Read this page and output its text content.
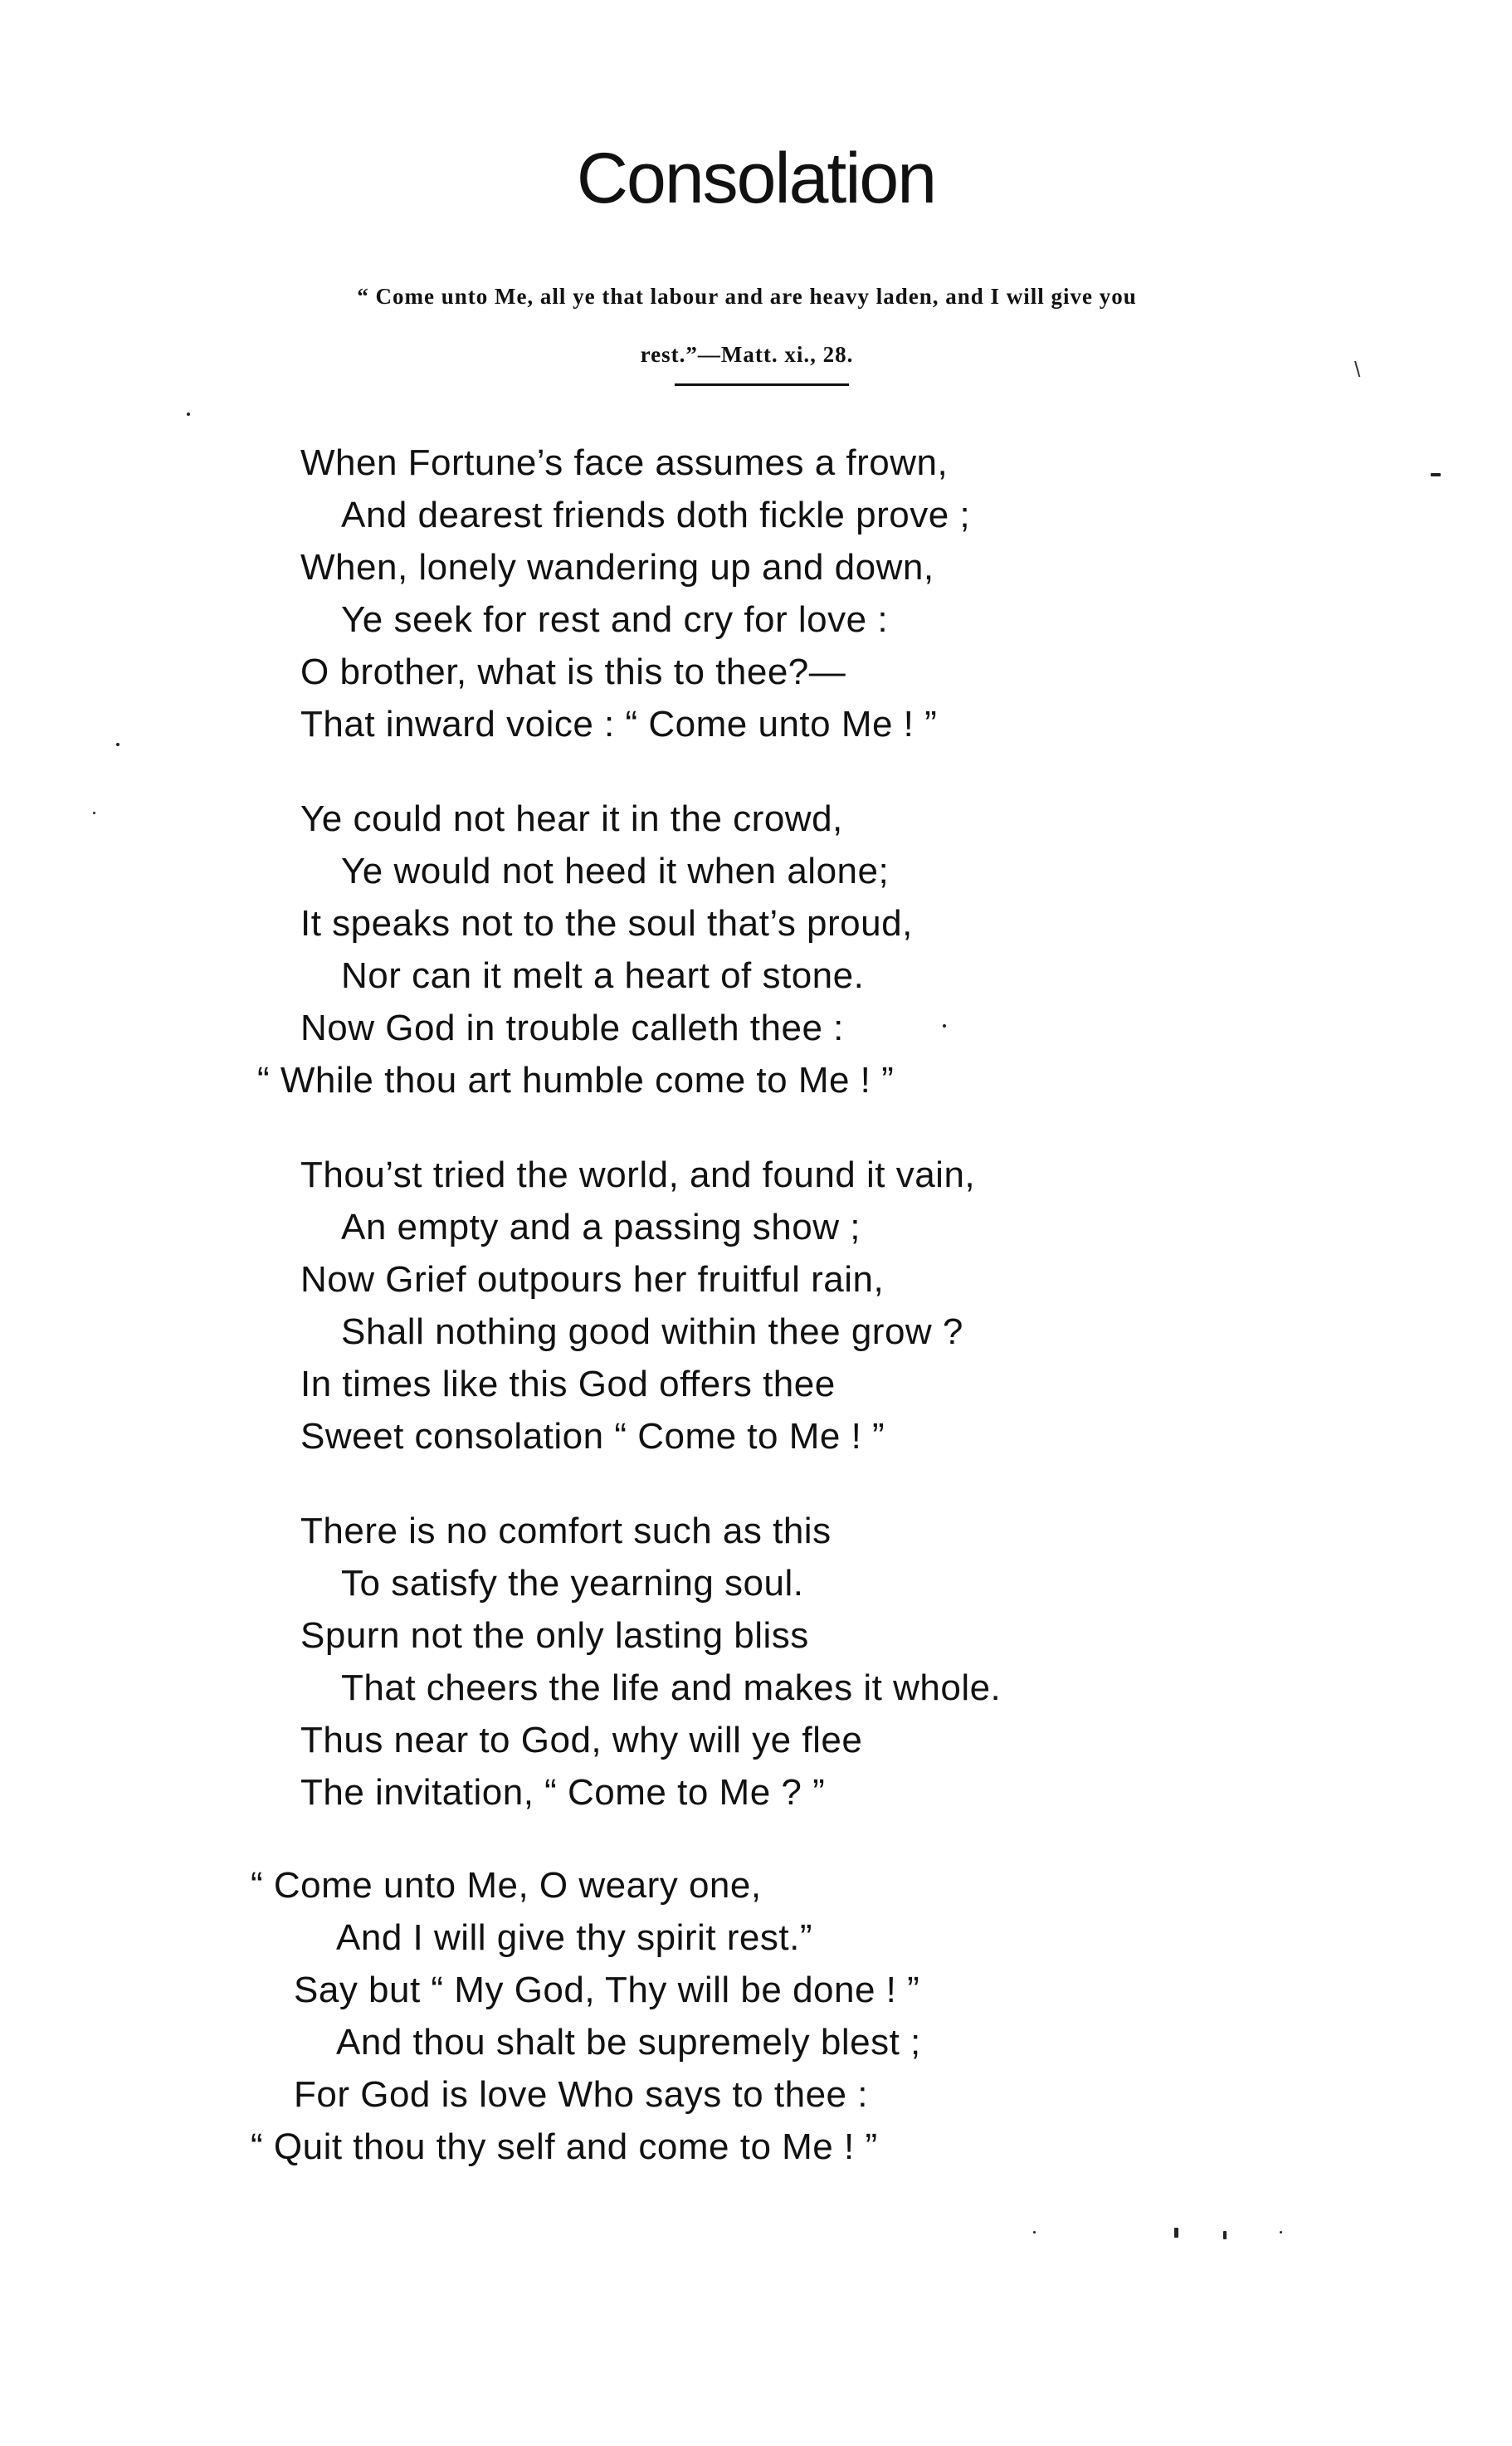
Consolation
“ Come unto Me, all ye that labour and are heavy laden, and I will give you
rest.”—Matt. xi., 28.
When Fortune’s face assumes a frown,
And dearest friends doth fickle prove ;
When, lonely wandering up and down,
Ye seek for rest and cry for love :
O brother, what is this to thee?—
That inward voice : “ Come unto Me ! ”
Ye could not hear it in the crowd,
Ye would not heed it when alone;
It speaks not to the soul that’s proud,
Nor can it melt a heart of stone.
Now God in trouble calleth thee :
“ While thou art humble come to Me ! ”
Thou’st tried the world, and found it vain,
An empty and a passing show ;
Now Grief outpours her fruitful rain,
Shall nothing good within thee grow ?
In times like this God offers thee
Sweet consolation “ Come to Me ! ”
There is no comfort such as this
To satisfy the yearning soul.
Spurn not the only lasting bliss
That cheers the life and makes it whole.
Thus near to God, why will ye flee
The invitation, “ Come to Me ? ”
“ Come unto Me, O weary one,
And I will give thy spirit rest.”
Say but “ My God, Thy will be done ! ”
And thou shalt be supremely blest ;
For God is love Who says to thee :
“ Quit thou thy self and come to Me ! ”
\
